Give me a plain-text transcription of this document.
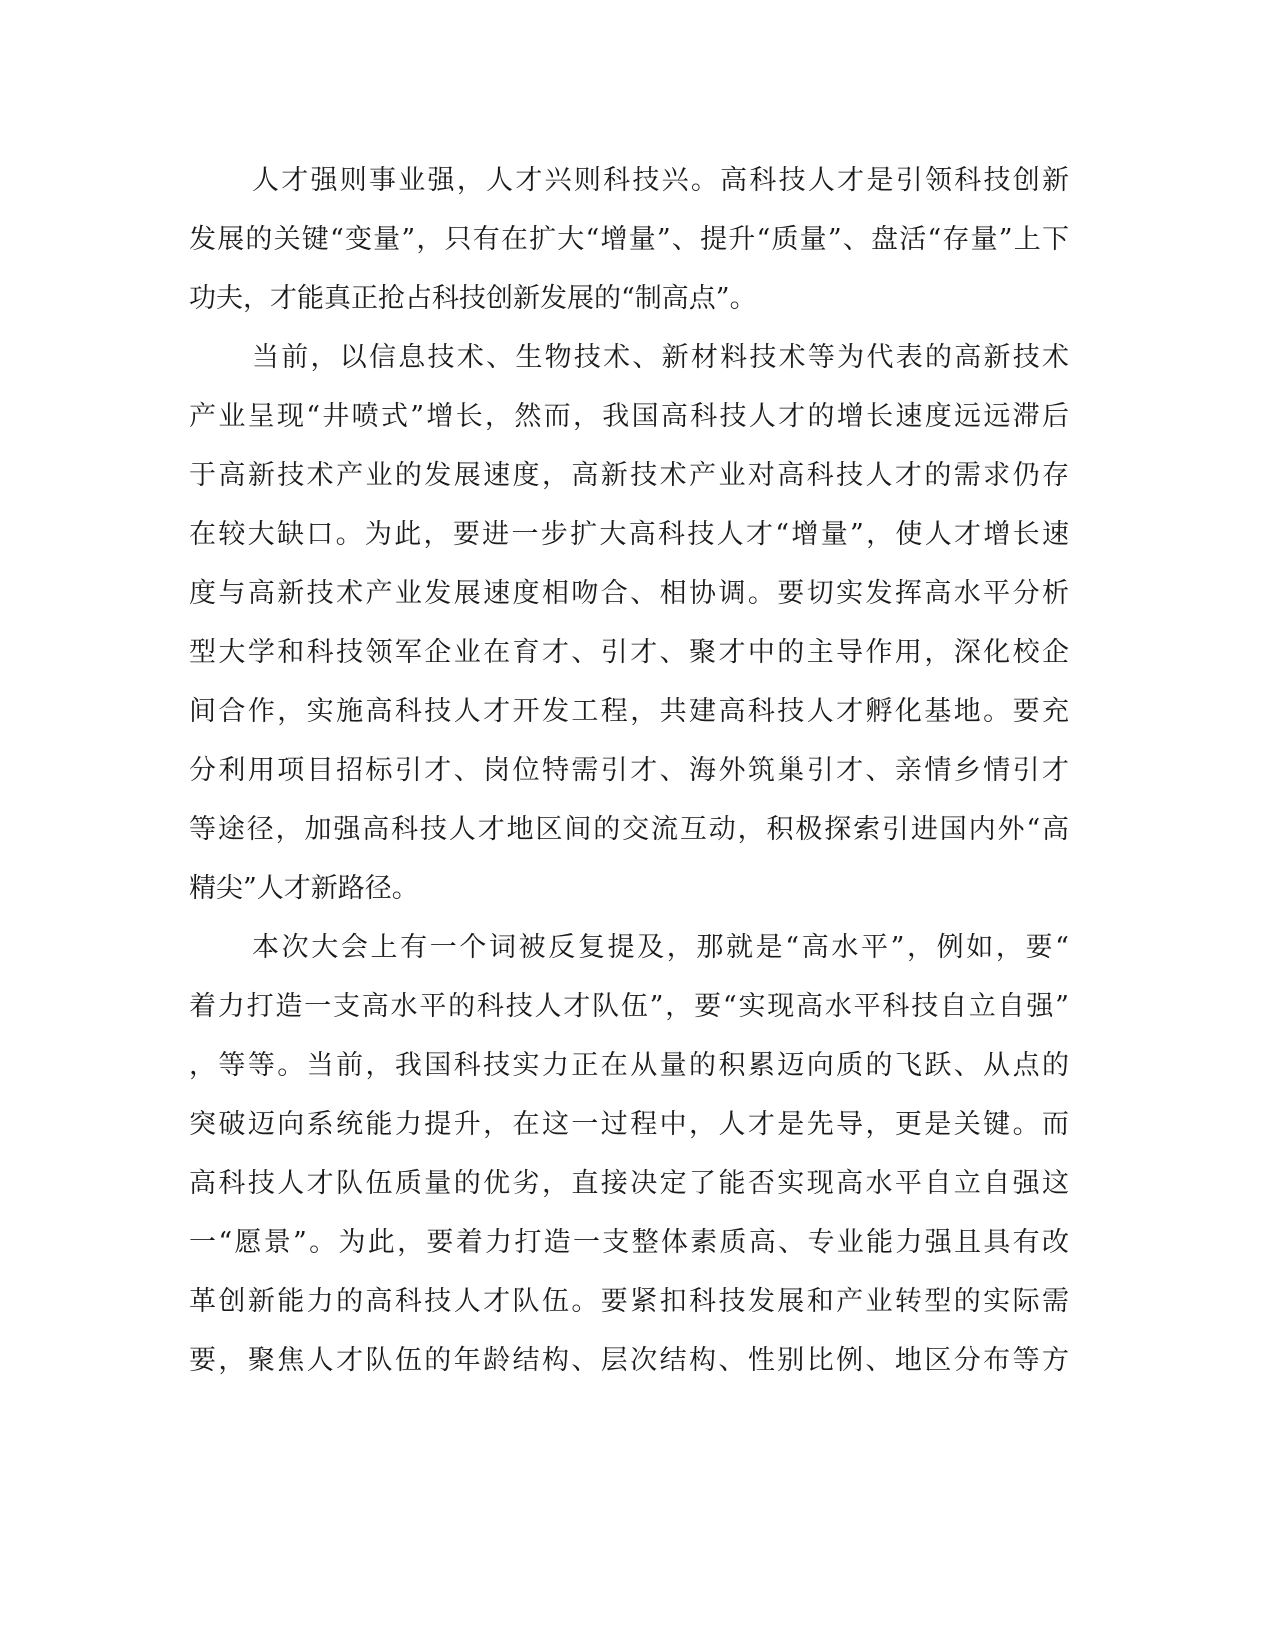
人才强则事业强，人才兴则科技兴。高科技人才是引领科技创新

发展的关键“变量”，只有在扩大“增量”、提升“质量”、盘活“存量”上下

功夫，才能真正抢占科技创新发展的“制高点”。

当前，以信息技术、生物技术、新材料技术等为代表的高新技术

产业呈现“井喷式”增长，然而，我国高科技人才的增长速度远远滞后

于高新技术产业的发展速度，高新技术产业对高科技人才的需求仍存

在较大缺口。为此，要进一步扩大高科技人才“增量”，使人才增长速

度与高新技术产业发展速度相吻合、相协调。要切实发挥高水平分析

型大学和科技领军企业在育才、引才、聚才中的主导作用，深化校企

间合作，实施高科技人才开发工程，共建高科技人才孵化基地。要充

分利用项目招标引才、岗位特需引才、海外筑巢引才、亲情乡情引才

等途径，加强高科技人才地区间的交流互动，积极探索引进国内外“高

精尖”人才新路径。

本次大会上有一个词被反复提及，那就是“高水平”，例如，要“

着力打造一支高水平的科技人才队伍”，要“实现高水平科技自立自强”

，等等。当前，我国科技实力正在从量的积累迈向质的飞跃、从点的

突破迈向系统能力提升，在这一过程中，人才是先导，更是关键。而

高科技人才队伍质量的优劣，直接决定了能否实现高水平自立自强这

一“愿景”。为此，要着力打造一支整体素质高、专业能力强且具有改

革创新能力的高科技人才队伍。要紧扣科技发展和产业转型的实际需

要，聚焦人才队伍的年龄结构、层次结构、性别比例、地区分布等方
